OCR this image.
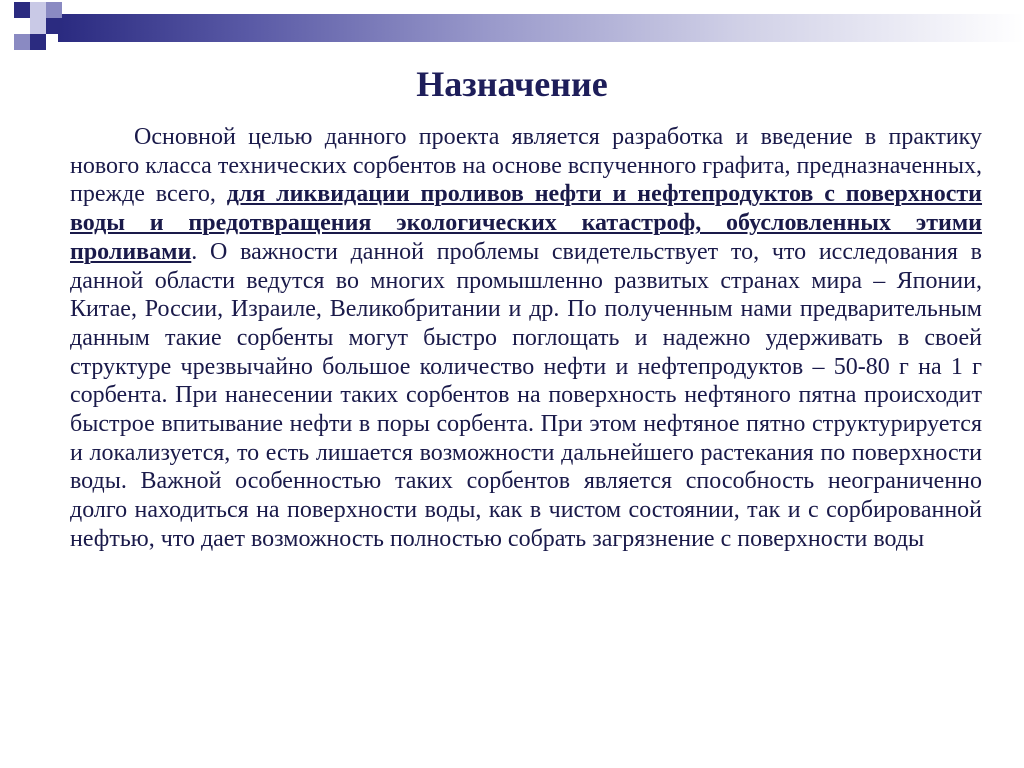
Назначение

Основной целью данного проекта является разработка и введение в практику нового класса технических сорбентов на основе вспученного графита, предназначенных, прежде всего, для ликвидации проливов нефти и нефтепродуктов с поверхности воды и предотвращения экологических катастроф, обусловленных этими проливами. О важности данной проблемы свидетельствует то, что исследования в данной области ведутся во многих промышленно развитых странах мира – Японии, Китае, России, Израиле, Великобритании и др. По полученным нами предварительным данным такие сорбенты могут быстро поглощать и надежно удерживать в своей структуре чрезвычайно большое количество нефти и нефтепродуктов – 50-80 г на 1 г сорбента. При нанесении таких сорбентов на поверхность нефтяного пятна происходит быстрое впитывание нефти в поры сорбента. При этом нефтяное пятно структурируется и локализуется, то есть лишается возможности дальнейшего растекания по поверхности воды. Важной особенностью таких сорбентов является способность неограниченно долго находиться на поверхности воды, как в чистом состоянии, так и с сорбированной нефтью, что дает возможность полностью собрать загрязнение с поверхности воды
